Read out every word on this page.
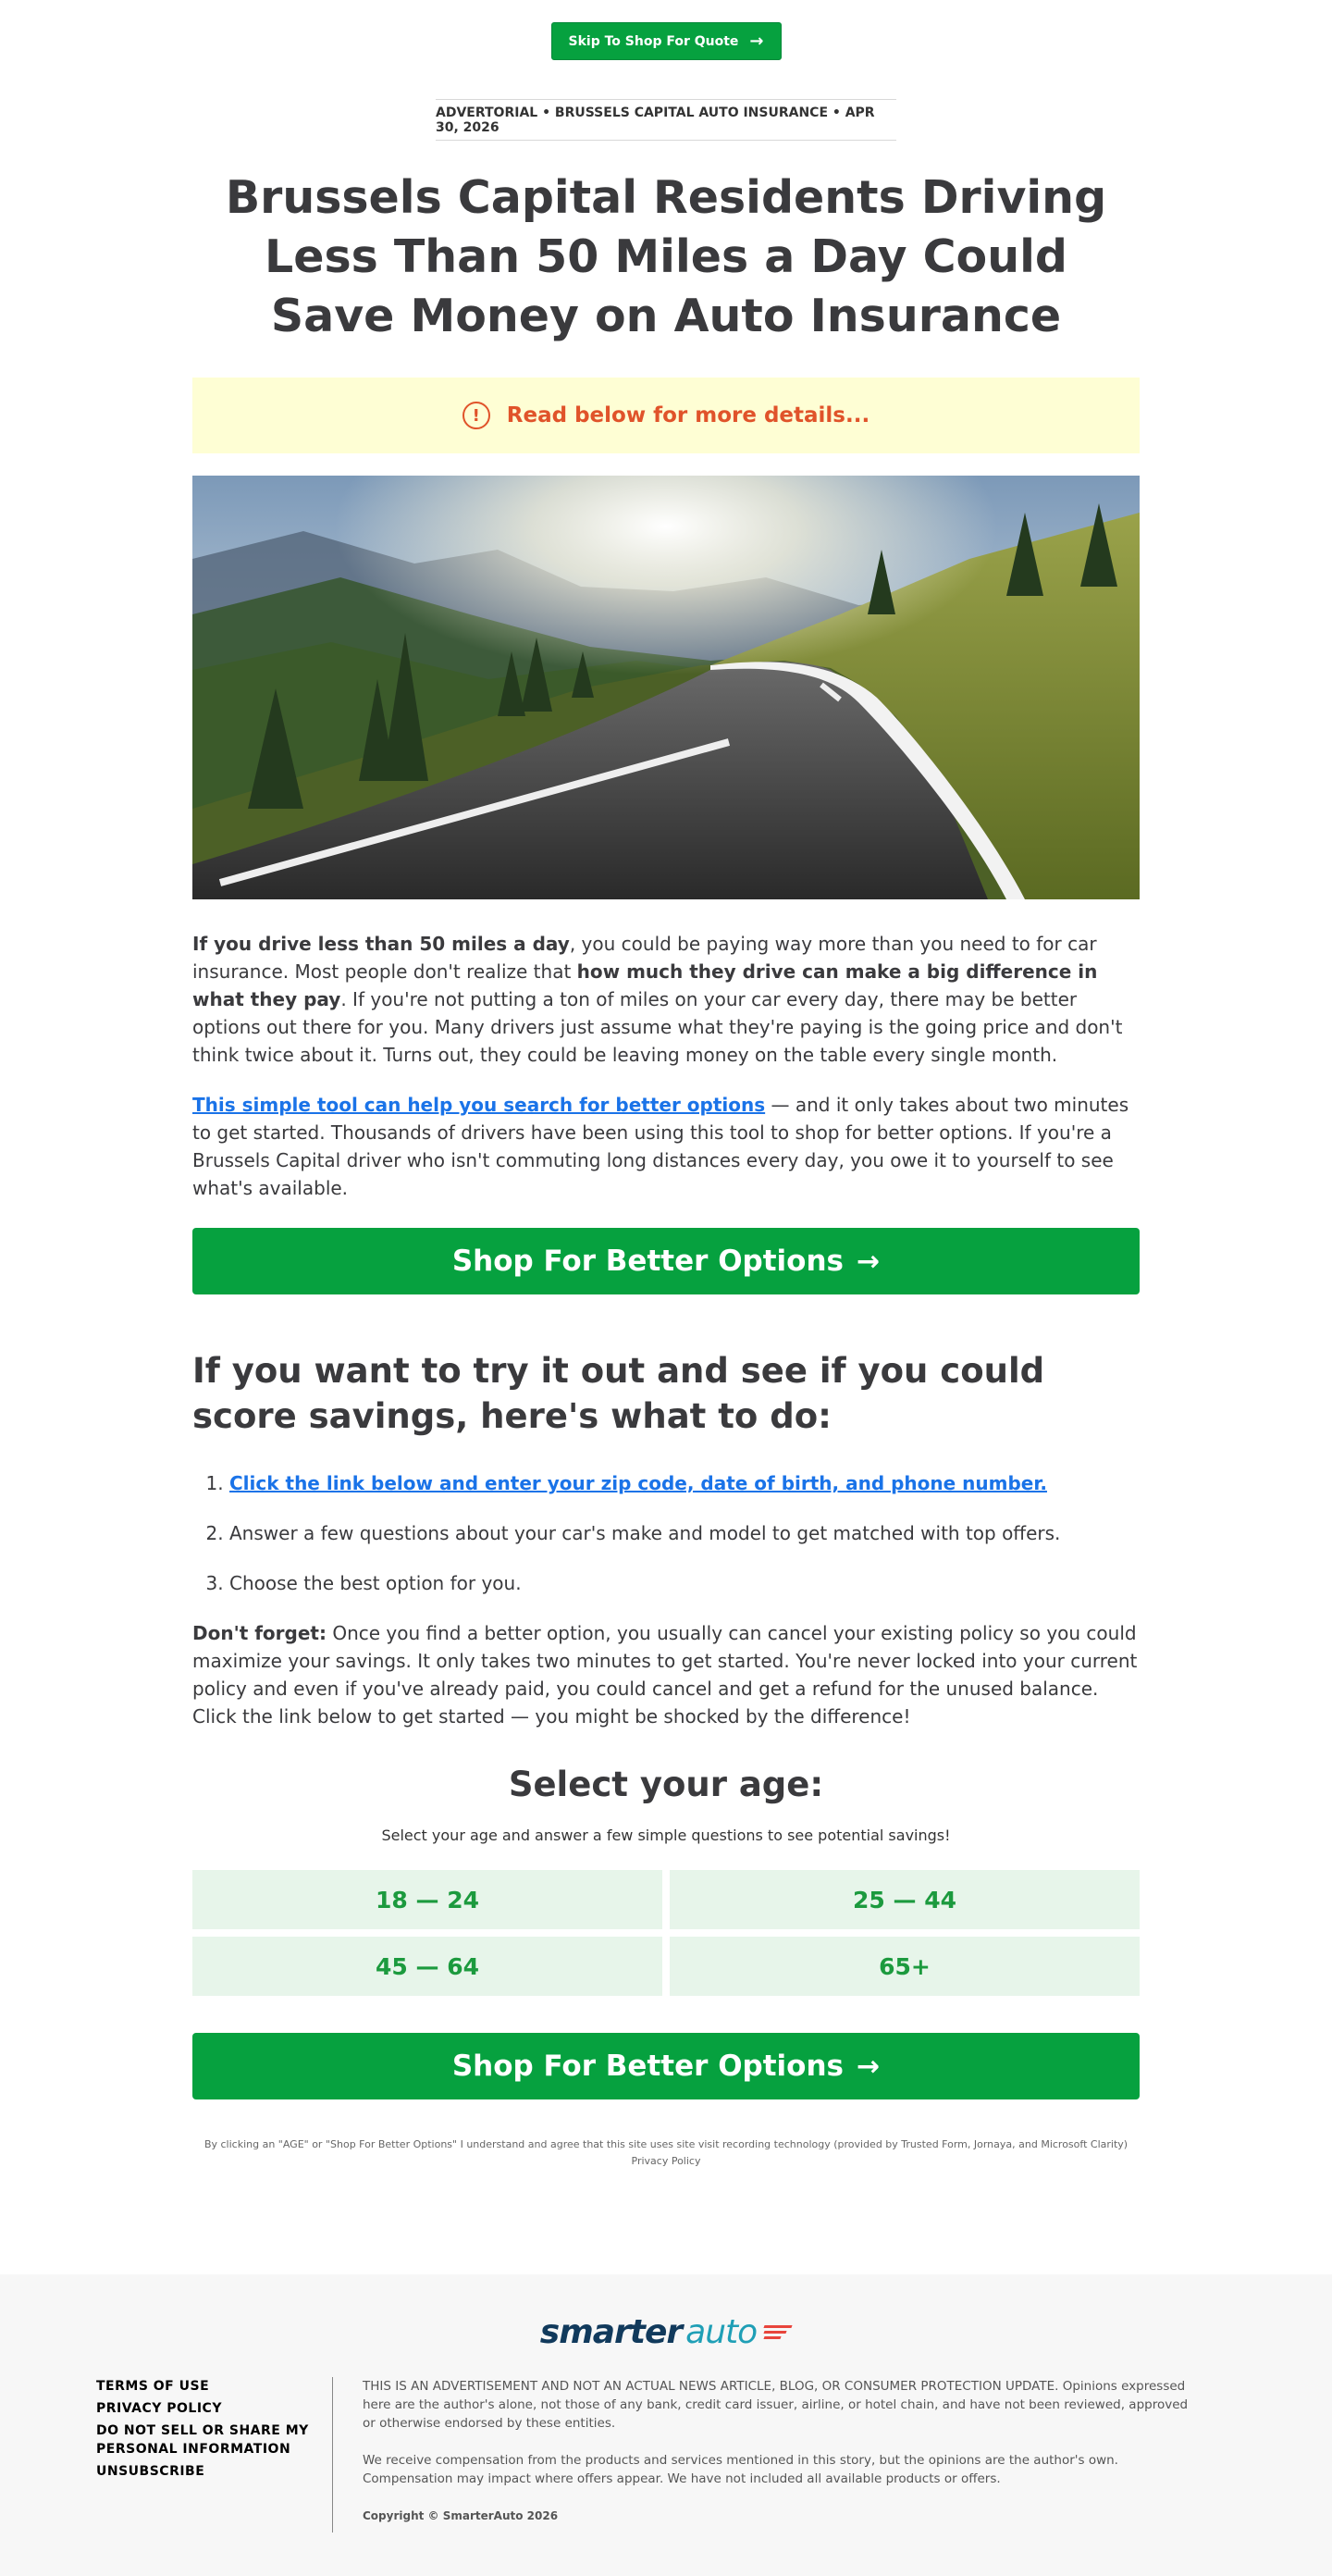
Skip To Shop For Quote →
ADVERTORIAL • BRUSSELS CAPITAL AUTO INSURANCE • APR 30, 2026
Brussels Capital Residents Driving Less Than 50 Miles a Day Could Save Money on Auto Insurance
!	Read below for more details...

If you drive less than 50 miles a day, you could be paying way more than you need to for car insurance. Most people don't realize that how much they drive can make a big difference in what they pay. If you're not putting a ton of miles on your car every day, there may be better options out there for you. Many drivers just assume what they're paying is the going price and don't think twice about it. Turns out, they could be leaving money on the table every single month.

This simple tool can help you search for better options — and it only takes about two minutes to get started. Thousands of drivers have been using this tool to shop for better options. If you're a Brussels Capital driver who isn't commuting long distances every day, you owe it to yourself to see what's available.

Shop For Better Options →
If you want to try it out and see if you could score savings, here's what to do:
1. Click the link below and enter your zip code, date of birth, and phone number.
2. Answer a few questions about your car's make and model to get matched with top offers.
3. Choose the best option for you.

Don't forget: Once you find a better option, you usually can cancel your existing policy so you could maximize your savings. It only takes two minutes to get started. You're never locked into your current policy and even if you've already paid, you could cancel and get a refund for the unused balance. Click the link below to get started — you might be shocked by the difference!

Select your age:

Select your age and answer a few simple questions to see potential savings!

18 — 24	25 — 44
45 — 64	65+
Shop For Better Options →

By clicking an "AGE" or "Shop For Better Options" I understand and agree that this site uses site visit recording technology (provided by Trusted Form, Jornaya, and Microsoft Clarity) Privacy Policy

smarter auto
TERMS OF USE
PRIVACY POLICY
DO NOT SELL OR SHARE MY PERSONAL INFORMATION
UNSUBSCRIBE

THIS IS AN ADVERTISEMENT AND NOT AN ACTUAL NEWS ARTICLE, BLOG, OR CONSUMER PROTECTION UPDATE. Opinions expressed here are the author's alone, not those of any bank, credit card issuer, airline, or hotel chain, and have not been reviewed, approved or otherwise endorsed by these entities.

We receive compensation from the products and services mentioned in this story, but the opinions are the author's own. Compensation may impact where offers appear. We have not included all available products or offers.

Copyright © SmarterAuto 2026
